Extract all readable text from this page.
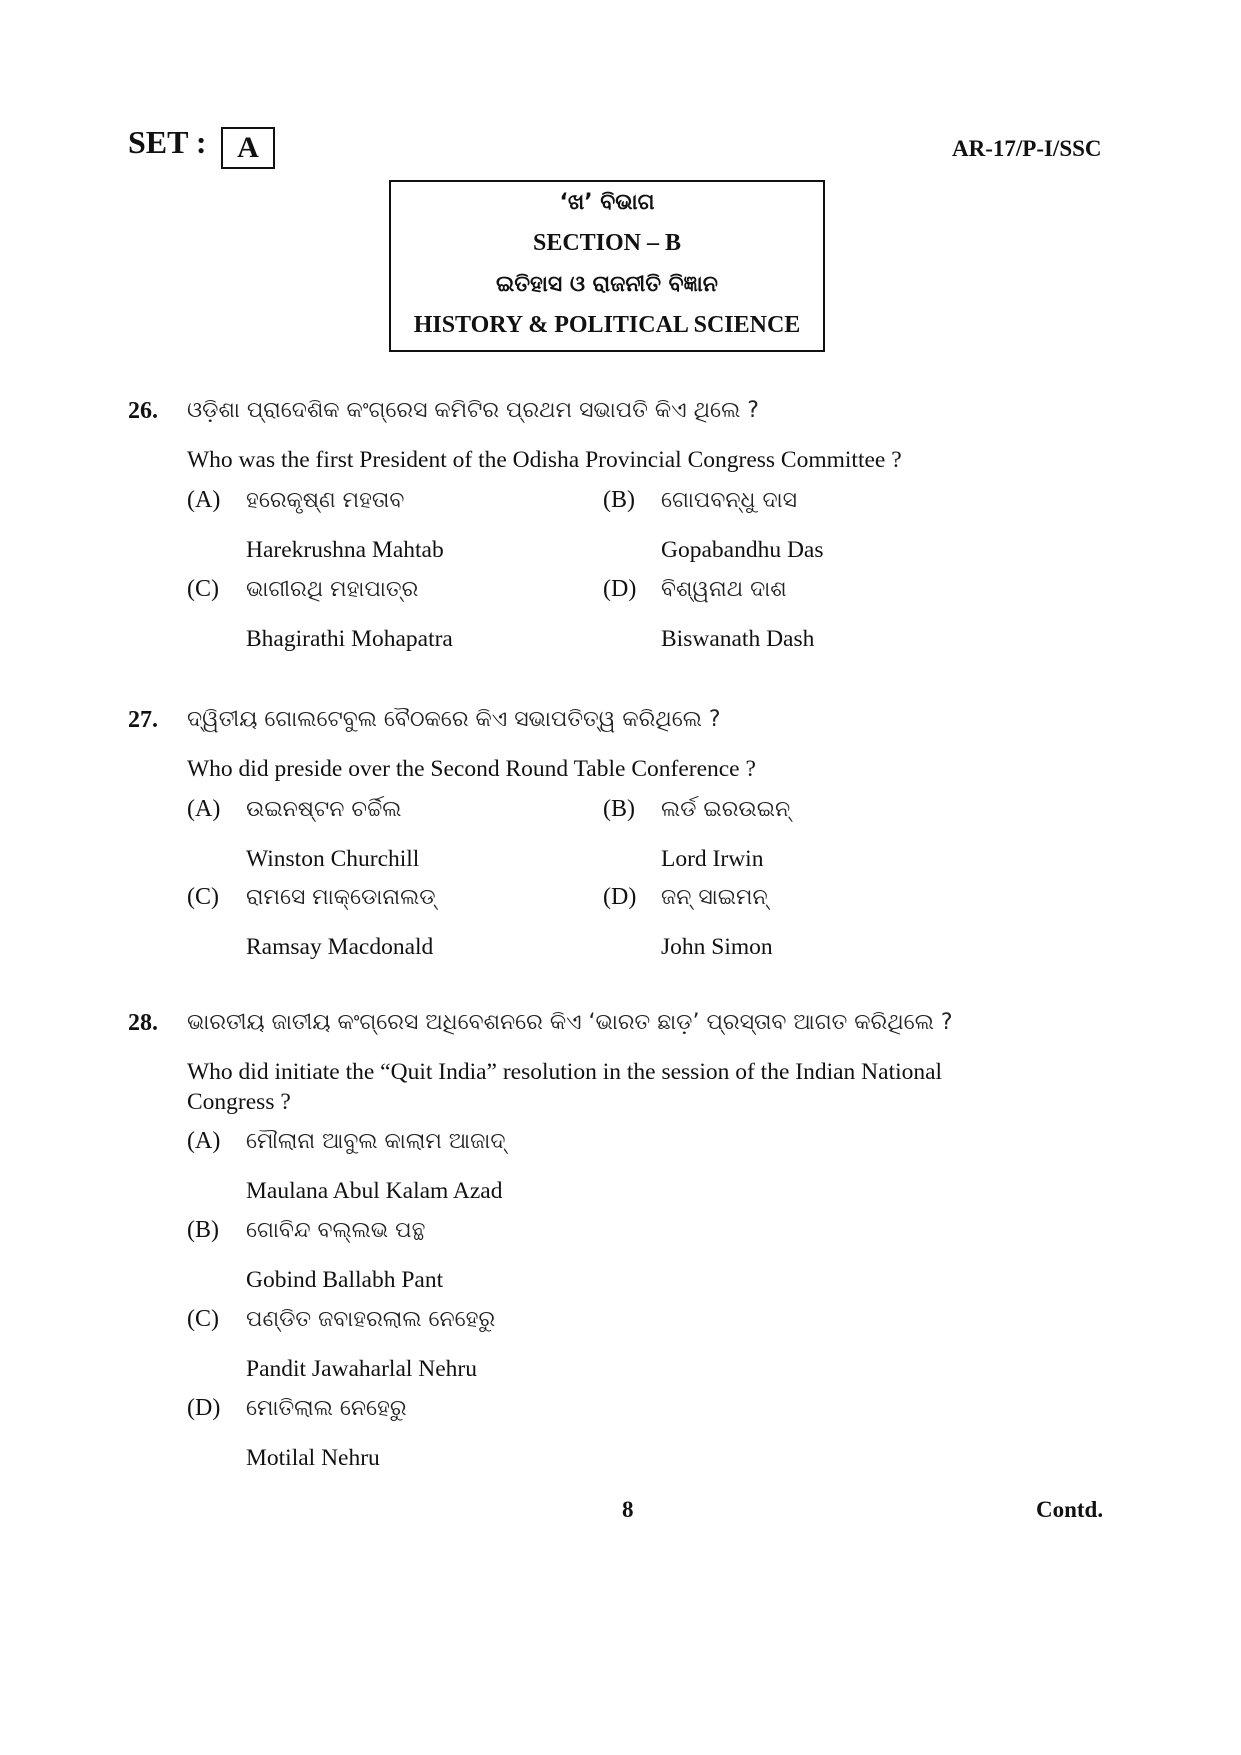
SET :	A	AR-17/P-I/SSC
‘ଖ’ ବିଭାଗ
SECTION – B
ଇତିହାସ ଓ ରାଜନୀତି ବିଜ୍ଞାନ
HISTORY & POLITICAL SCIENCE
26. ଓଡ଼ିଶା ପ୍ରାଦେଶିକ କଂଗ୍ରେସ କମିଟିର ପ୍ରଥମ ସଭାପତି କିଏ ଥିଲେ ?
Who was the first President of the Odisha Provincial Congress Committee ?
(A) ହରେକୃଷ୍ଣ ମହତାବ
Harekrushna Mahtab
(B) ଗୋପବନ୍ଧୁ ଦାସ
Gopabandhu Das
(C) ଭାଗୀରଥି ମହାପାତ୍ର
Bhagirathi Mohapatra
(D) ବିଶ୍ୱନାଥ ଦାଶ
Biswanath Dash
27. ଦ୍ୱିତୀୟ ଗୋଲଟେବୁଲ ବୈଠକରେ କିଏ ସଭାପତିତ୍ୱ କରିଥିଲେ ?
Who did preside over the Second Round Table Conference ?
(A) ଉଇନଷ୍ଟନ ଚର୍ଚ୍ଚିଲ
Winston Churchill
(B) ଲର୍ଡ ଇରଉଇନ୍
Lord Irwin
(C) ରାମସେ ମାକ୍‌ଡୋନାଲଡ୍
Ramsay Macdonald
(D) ଜନ୍ ସାଇମନ୍
John Simon
28. ଭାରତୀୟ ଜାତୀୟ କଂଗ୍ରେସ ଅଧିବେଶନରେ କିଏ ‘ଭାରତ ଛାଡ଼’ ପ୍ରସ୍ତାବ ଆଗତ କରିଥିଲେ ?
Who did initiate the “Quit India” resolution in the session of the Indian National
Congress ?
(A) ମୌଲାନା ଆବୁଲ କାଲାମ ଆଜାଦ୍
Maulana Abul Kalam Azad
(B) ଗୋବିନ୍ଦ ବଲ୍ଲଭ ପନ୍ଥ
Gobind Ballabh Pant
(C) ପଣ୍ଡିତ ଜବାହରଲାଲ ନେହେରୁ
Pandit Jawaharlal Nehru
(D) ମୋତିଲାଲ ନେହେରୁ
Motilal Nehru
8	Contd.
